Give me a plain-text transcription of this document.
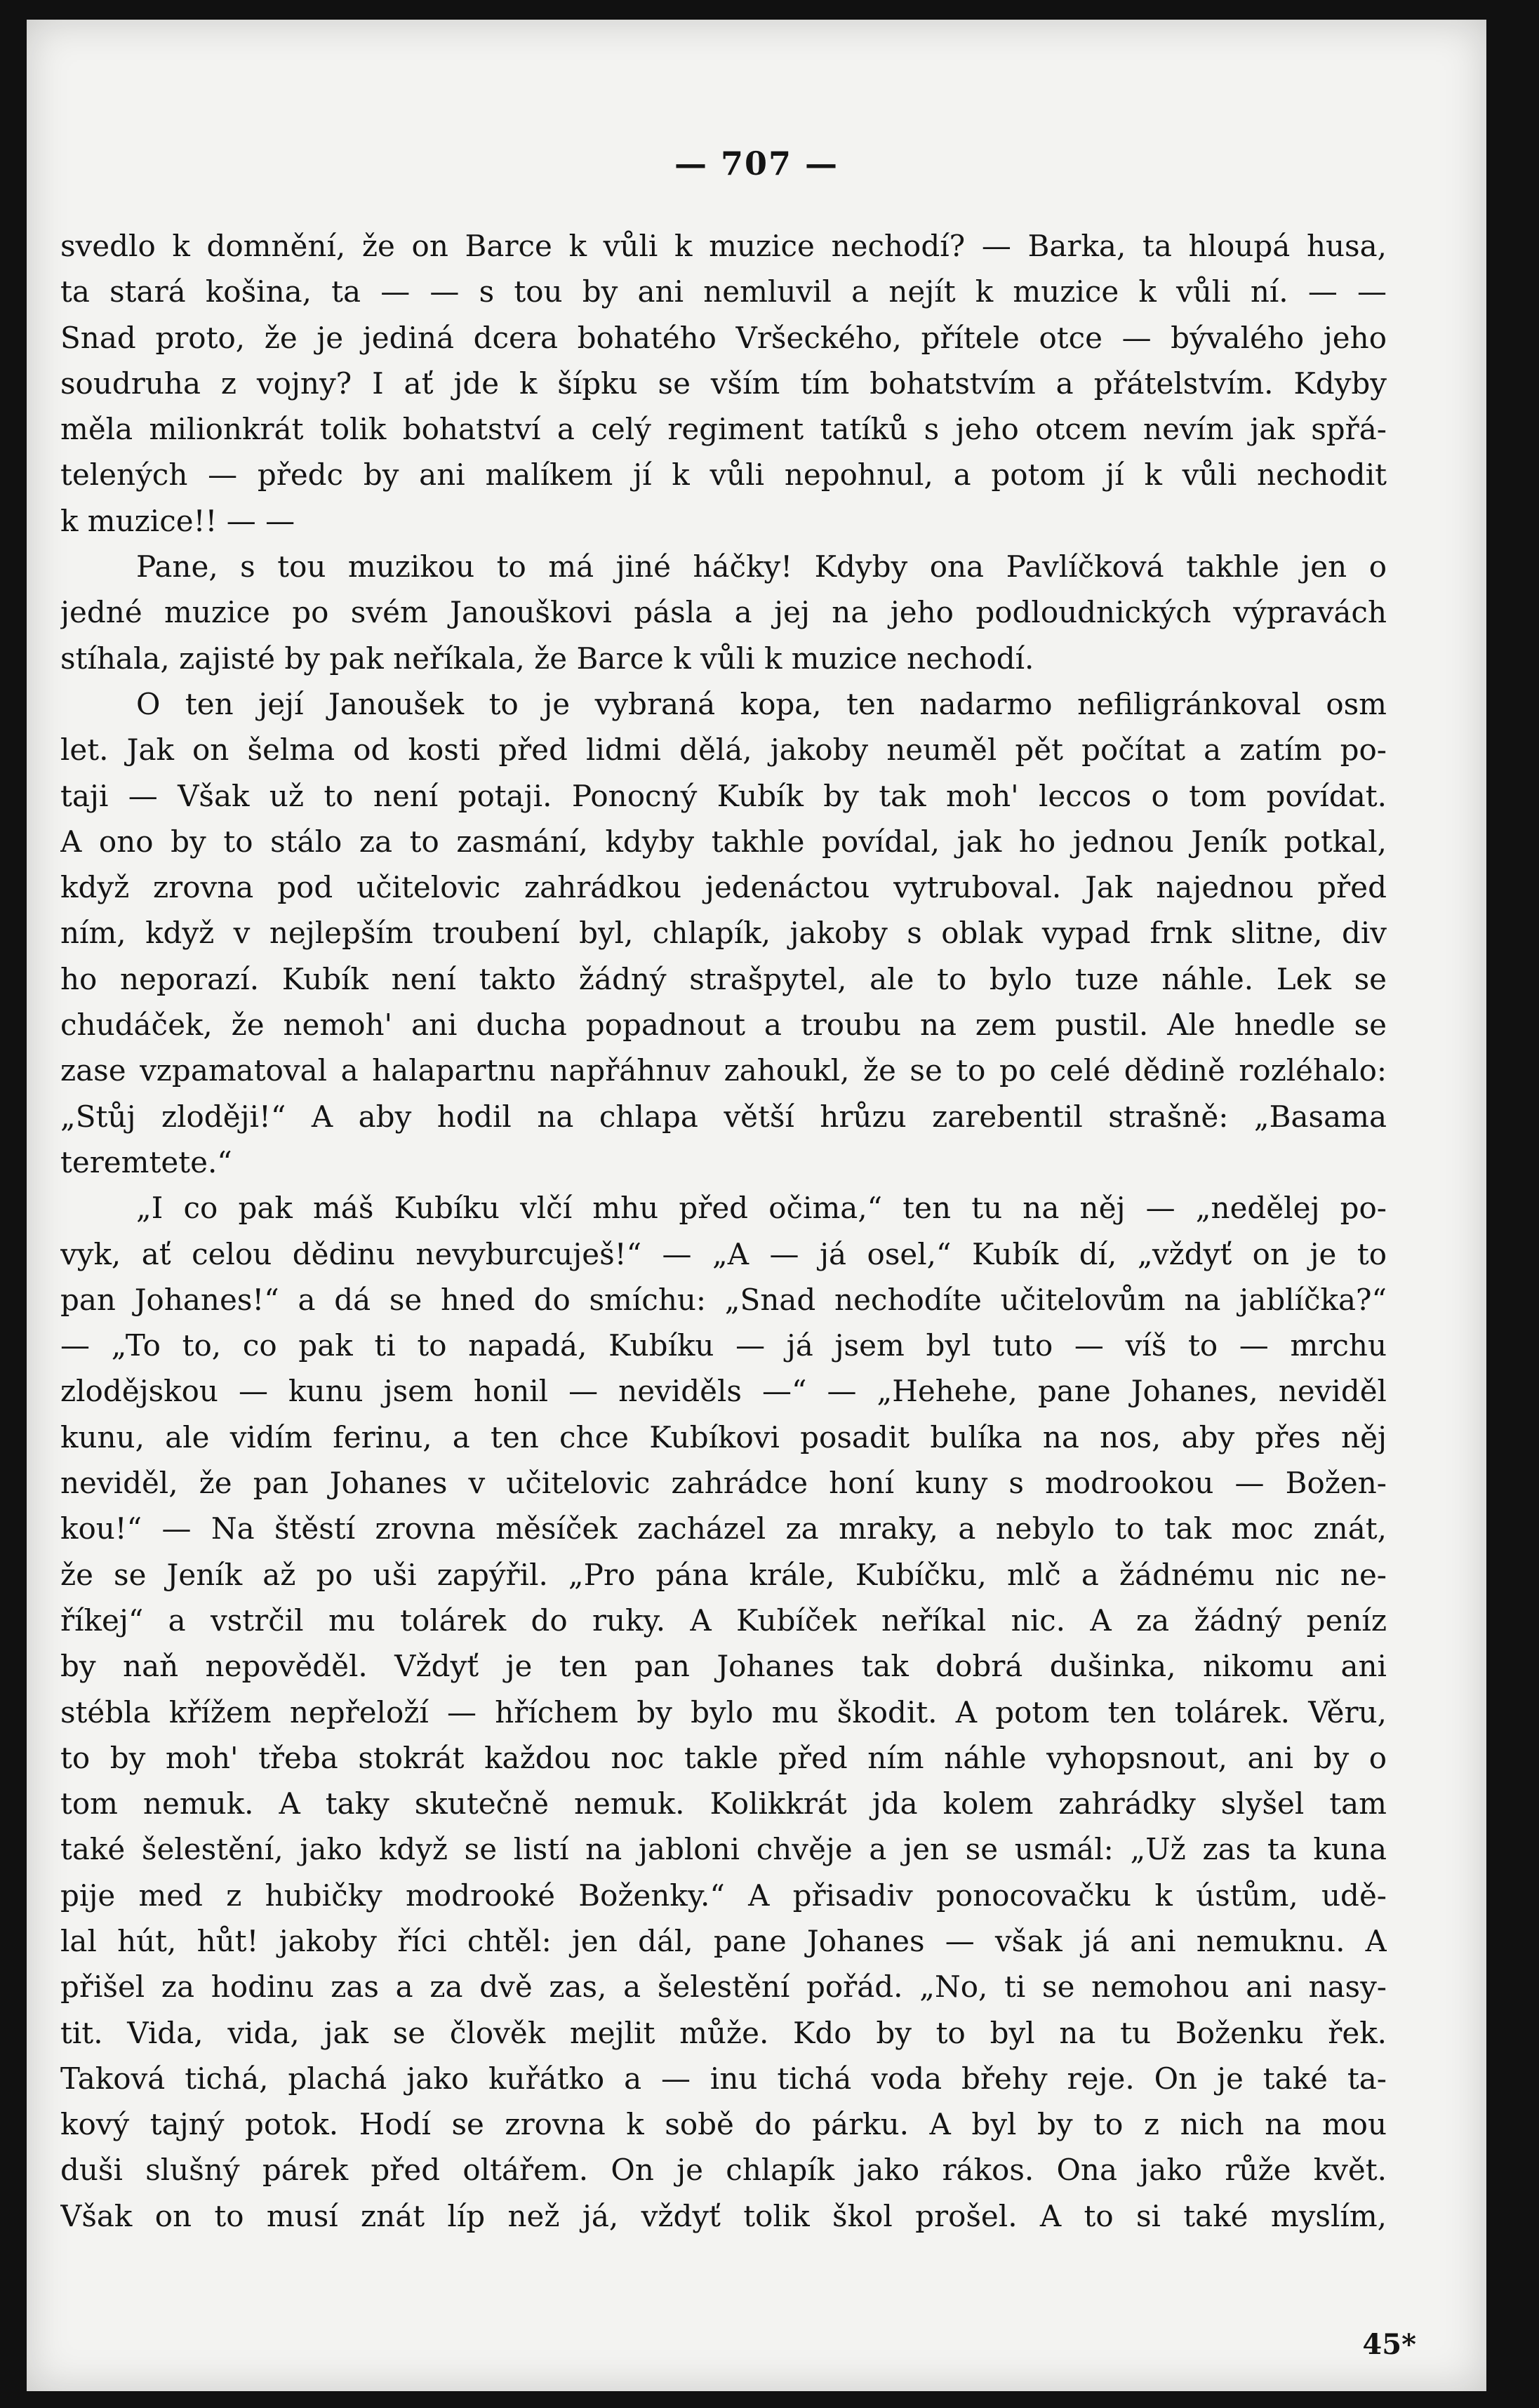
— 707 —
svedlo k domnění, že on Barce k vůli k muzice nechodí? — Barka, ta hloupá husa,
ta stará košina, ta — — s tou by ani nemluvil a nejít k muzice k vůli ní. — —
Snad proto, že je jediná dcera bohatého Vršeckého, přítele otce — bývalého jeho
soudruha z vojny? I ať jde k šípku se vším tím bohatstvím a přátelstvím. Kdyby
měla milionkrát tolik bohatství a celý regiment tatíků s jeho otcem nevím jak spřá-
telených — předc by ani malíkem jí k vůli nepohnul, a potom jí k vůli nechodit
k muzice!! — —
Pane, s tou muzikou to má jiné háčky! Kdyby ona Pavlíčková takhle jen o
jedné muzice po svém Janouškovi pásla a jej na jeho podloudnických výpravách
stíhala, zajisté by pak neříkala, že Barce k vůli k muzice nechodí.
O ten její Janoušek to je vybraná kopa, ten nadarmo nefiligránkoval osm
let. Jak on šelma od kosti před lidmi dělá, jakoby neuměl pět počítat a zatím po-
taji — Však už to není potaji. Ponocný Kubík by tak moh' leccos o tom povídat.
A ono by to stálo za to zasmání, kdyby takhle povídal, jak ho jednou Jeník potkal,
když zrovna pod učitelovic zahrádkou jedenáctou vytruboval. Jak najednou před
ním, když v nejlepším troubení byl, chlapík, jakoby s oblak vypad frnk slitne, div
ho neporazí. Kubík není takto žádný strašpytel, ale to bylo tuze náhle. Lek se
chudáček, že nemoh' ani ducha popadnout a troubu na zem pustil. Ale hnedle se
zase vzpamatoval a halapartnu napřáhnuv zahoukl, že se to po celé dědině rozléhalo:
„Stůj zloději!“ A aby hodil na chlapa větší hrůzu zarebentil strašně: „Basama
teremtete.“
„I co pak máš Kubíku vlčí mhu před očima,“ ten tu na něj — „nedělej po-
vyk, ať celou dědinu nevyburcuješ!“ — „A — já osel,“ Kubík dí, „vždyť on je to
pan Johanes!“ a dá se hned do smíchu: „Snad nechodíte učitelovům na jablíčka?“
— „To to, co pak ti to napadá, Kubíku — já jsem byl tuto — víš to — mrchu
zlodějskou — kunu jsem honil — neviděls —“ — „Hehehe, pane Johanes, neviděl
kunu, ale vidím ferinu, a ten chce Kubíkovi posadit bulíka na nos, aby přes něj
neviděl, že pan Johanes v učitelovic zahrádce honí kuny s modrookou — Božen-
kou!“ — Na štěstí zrovna měsíček zacházel za mraky, a nebylo to tak moc znát,
že se Jeník až po uši zapýřil. „Pro pána krále, Kubíčku, mlč a žádnému nic ne-
říkej“ a vstrčil mu tolárek do ruky. A Kubíček neříkal nic. A za žádný peníz
by naň nepověděl. Vždyť je ten pan Johanes tak dobrá dušinka, nikomu ani
stébla křížem nepřeloží — hříchem by bylo mu škodit. A potom ten tolárek. Věru,
to by moh' třeba stokrát každou noc takle před ním náhle vyhopsnout, ani by o
tom nemuk. A taky skutečně nemuk. Kolikkrát jda kolem zahrádky slyšel tam
také šelestění, jako když se listí na jabloni chvěje a jen se usmál: „Už zas ta kuna
pije med z hubičky modrooké Boženky.“ A přisadiv ponocovačku k ústům, udě-
lal hút, hůt! jakoby říci chtěl: jen dál, pane Johanes — však já ani nemuknu. A
přišel za hodinu zas a za dvě zas, a šelestění pořád. „No, ti se nemohou ani nasy-
tit. Vida, vida, jak se člověk mejlit může. Kdo by to byl na tu Boženku řek.
Taková tichá, plachá jako kuřátko a — inu tichá voda břehy reje. On je také ta-
kový tajný potok. Hodí se zrovna k sobě do párku. A byl by to z nich na mou
duši slušný párek před oltářem. On je chlapík jako rákos. Ona jako růže květ.
Však on to musí znát líp než já, vždyť tolik škol prošel. A to si také myslím,
45*
